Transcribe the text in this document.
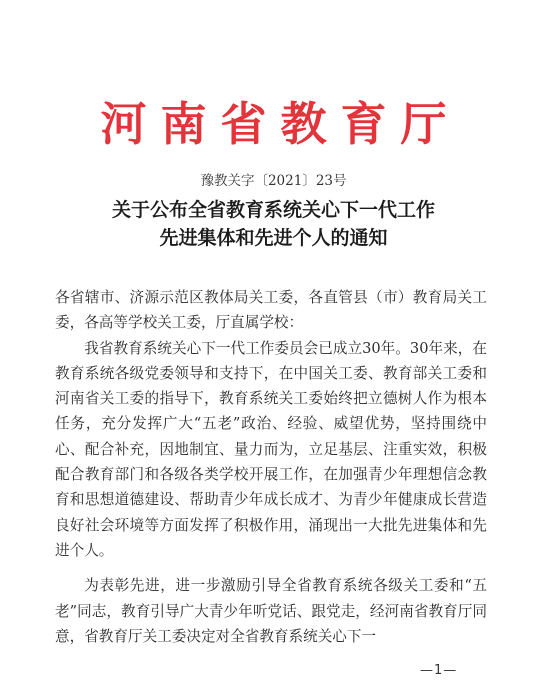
河南省教育厅
豫教关字〔2021〕23号
关于公布全省教育系统关心下一代工作
先进集体和先进个人的通知

各省辖市、济源示范区教体局关工委，各直管县（市）教育局关工委，各高等学校关工委，厅直属学校：

我省教育系统关心下一代工作委员会已成立30年。30年来，在教育系统各级党委领导和支持下，在中国关工委、教育部关工委和河南省关工委的指导下，教育系统关工委始终把立德树人作为根本任务，充分发挥广大“五老”政治、经验、威望优势，坚持围绕中心、配合补充，因地制宜、量力而为，立足基层、注重实效，积极配合教育部门和各级各类学校开展工作，在加强青少年理想信念教育和思想道德建设、帮助青少年成长成才、为青少年健康成长营造良好社会环境等方面发挥了积极作用，涌现出一大批先进集体和先进个人。

为表彰先进，进一步激励引导全省教育系统各级关工委和“五老”同志，教育引导广大青少年听党话、跟党走，经河南省教育厅同意，省教育厅关工委决定对全省教育系统关心下一

—1—
